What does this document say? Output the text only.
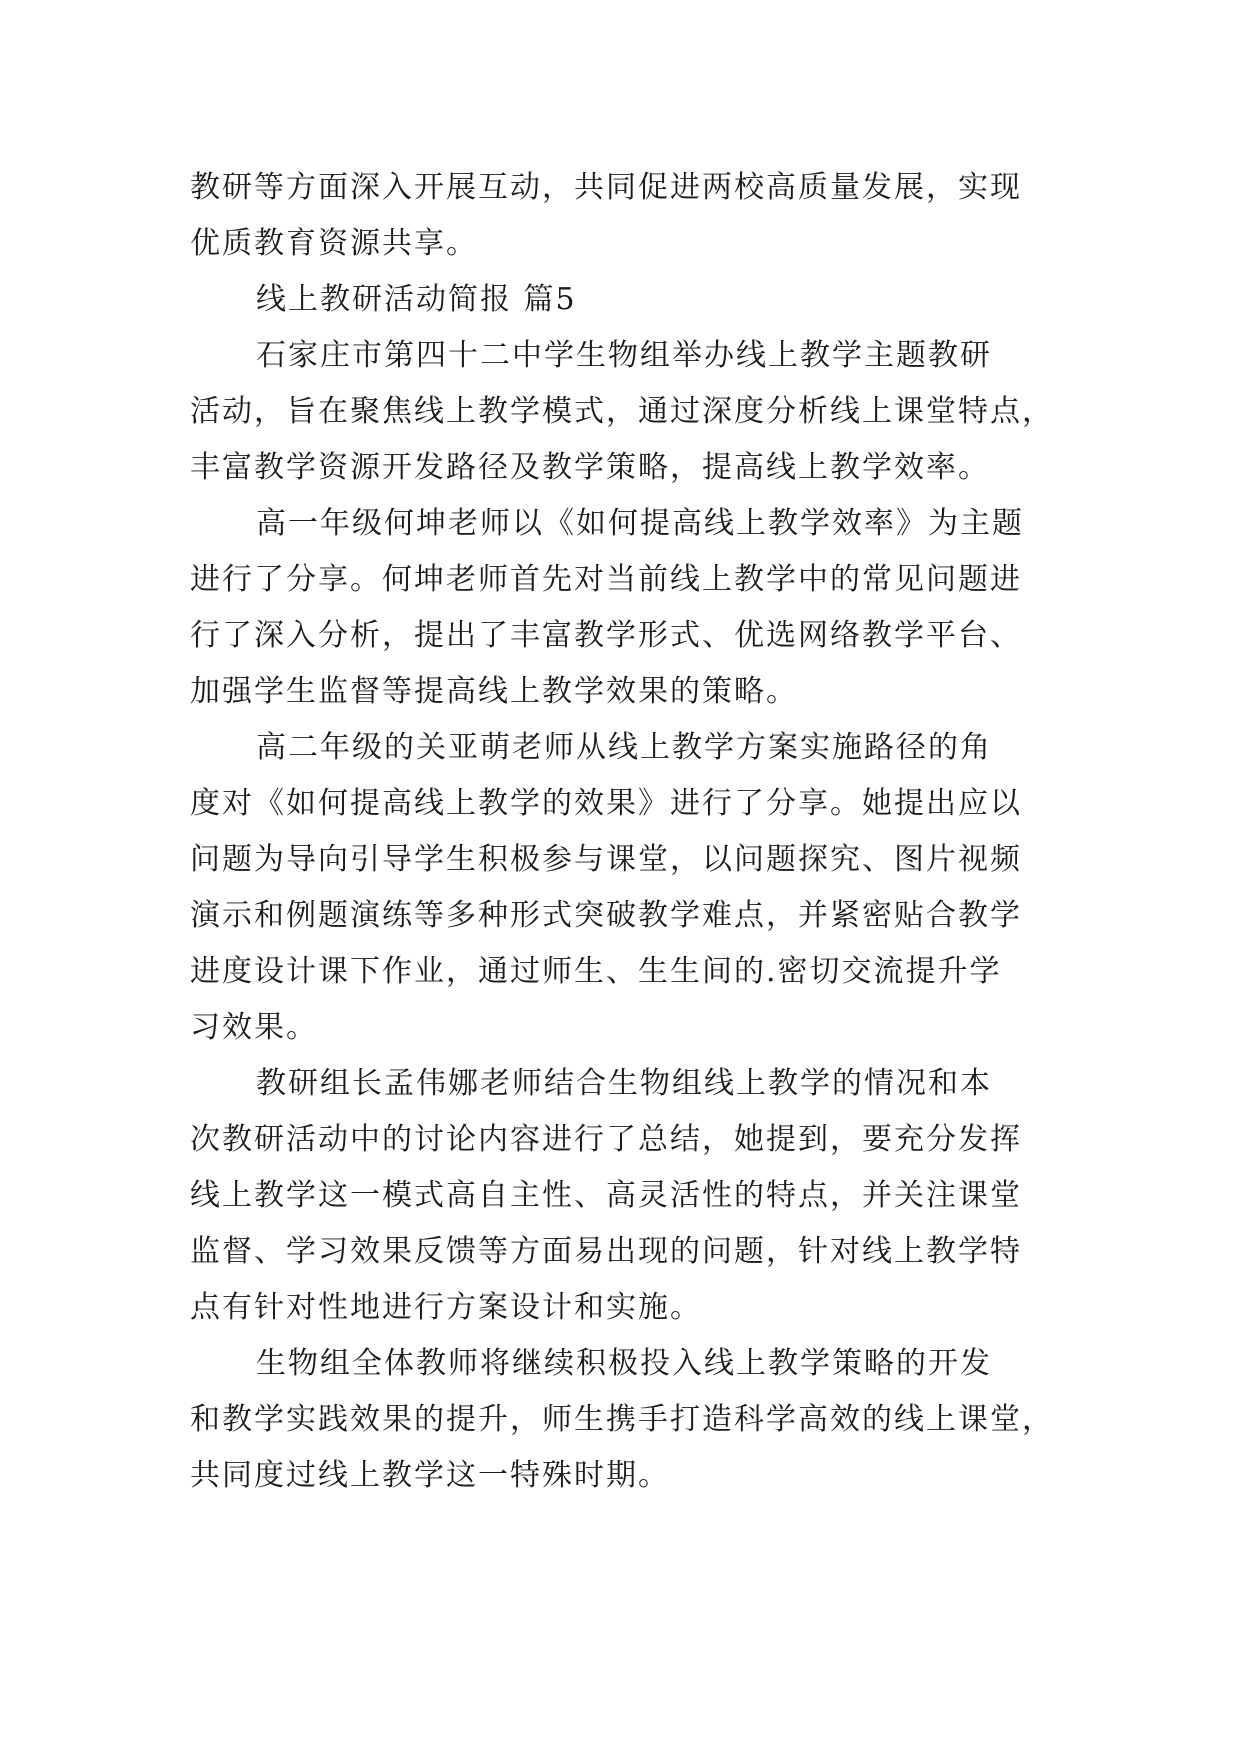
教研等方面深入开展互动，共同促进两校高质量发展，实现
优质教育资源共享。
线上教研活动简报 篇5
石家庄市第四十二中学生物组举办线上教学主题教研
活动，旨在聚焦线上教学模式，通过深度分析线上课堂特点，
丰富教学资源开发路径及教学策略，提高线上教学效率。
高一年级何坤老师以《如何提高线上教学效率》为主题
进行了分享。何坤老师首先对当前线上教学中的常见问题进
行了深入分析，提出了丰富教学形式、优选网络教学平台、
加强学生监督等提高线上教学效果的策略。
高二年级的关亚萌老师从线上教学方案实施路径的角
度对《如何提高线上教学的效果》进行了分享。她提出应以
问题为导向引导学生积极参与课堂，以问题探究、图片视频
演示和例题演练等多种形式突破教学难点，并紧密贴合教学
进度设计课下作业，通过师生、生生间的.密切交流提升学
习效果。
教研组长孟伟娜老师结合生物组线上教学的情况和本
次教研活动中的讨论内容进行了总结，她提到，要充分发挥
线上教学这一模式高自主性、高灵活性的特点，并关注课堂
监督、学习效果反馈等方面易出现的问题，针对线上教学特
点有针对性地进行方案设计和实施。
生物组全体教师将继续积极投入线上教学策略的开发
和教学实践效果的提升，师生携手打造科学高效的线上课堂，
共同度过线上教学这一特殊时期。
